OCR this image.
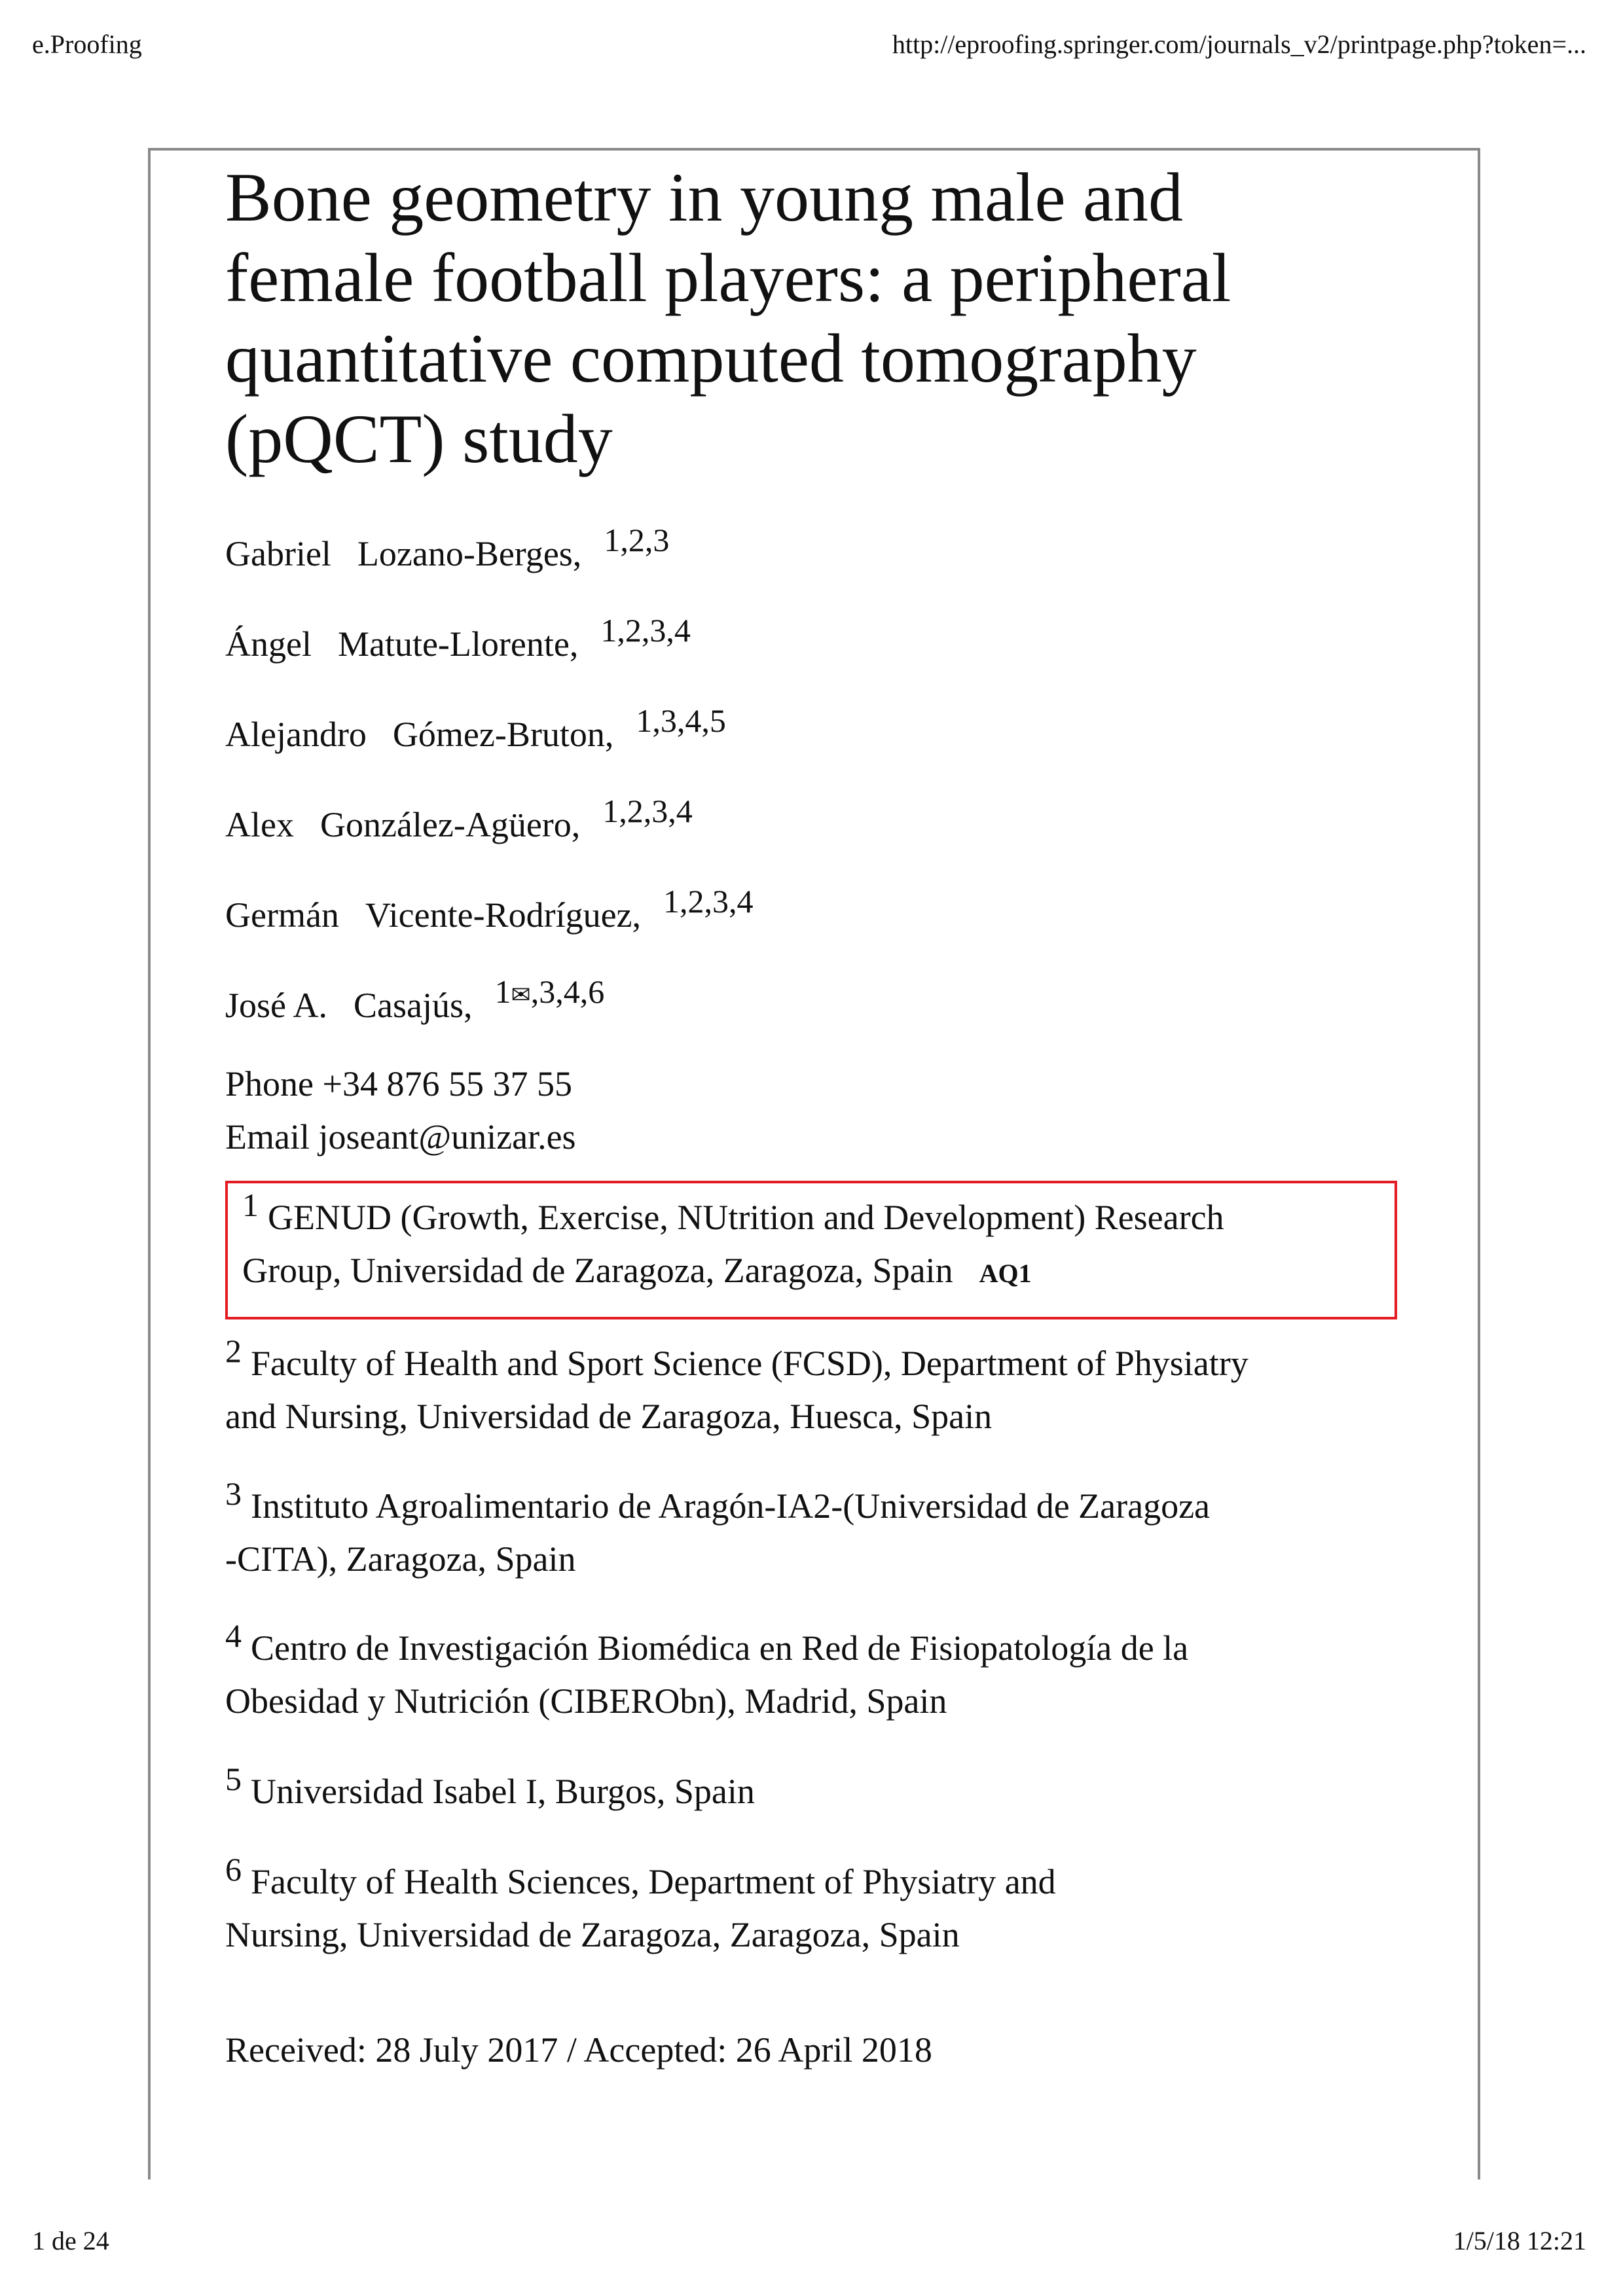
e.Proofing	http://eproofing.springer.com/journals_v2/printpage.php?token=...
Bone geometry in young male and
female football players: a peripheral
quantitative computed tomography
(pQCT) study
Gabriel Lozano-Berges, $^{1,2,3}$
Ángel Matute-Llorente, $^{1,2,3,4}$
Alejandro Gómez-Bruton, $^{1,3,4,5}$
Alex González-Agüero, $^{1,2,3,4}$
Germán Vicente-Rodríguez, $^{1,2,3,4}$
José A. Casajús, $^{1✉,3,4,6}$
Phone +34 876 55 37 55
Email joseant@unizar.es
$^1$ GENUD (Growth, Exercise, NUtrition and Development) Research
Group, Universidad de Zaragoza, Zaragoza, Spain AQ1
$^2$ Faculty of Health and Sport Science (FCSD), Department of Physiatry
and Nursing, Universidad de Zaragoza, Huesca, Spain
$^3$ Instituto Agroalimentario de Aragón-IA2-(Universidad de Zaragoza
-CITA), Zaragoza, Spain
$^4$ Centro de Investigación Biomédica en Red de Fisiopatología de la
Obesidad y Nutrición (CIBERObn), Madrid, Spain
$^5$ Universidad Isabel I, Burgos, Spain
$^6$ Faculty of Health Sciences, Department of Physiatry and
Nursing, Universidad de Zaragoza, Zaragoza, Spain
Received: 28 July 2017 / Accepted: 26 April 2018
1 de 24	1/5/18 12:21
